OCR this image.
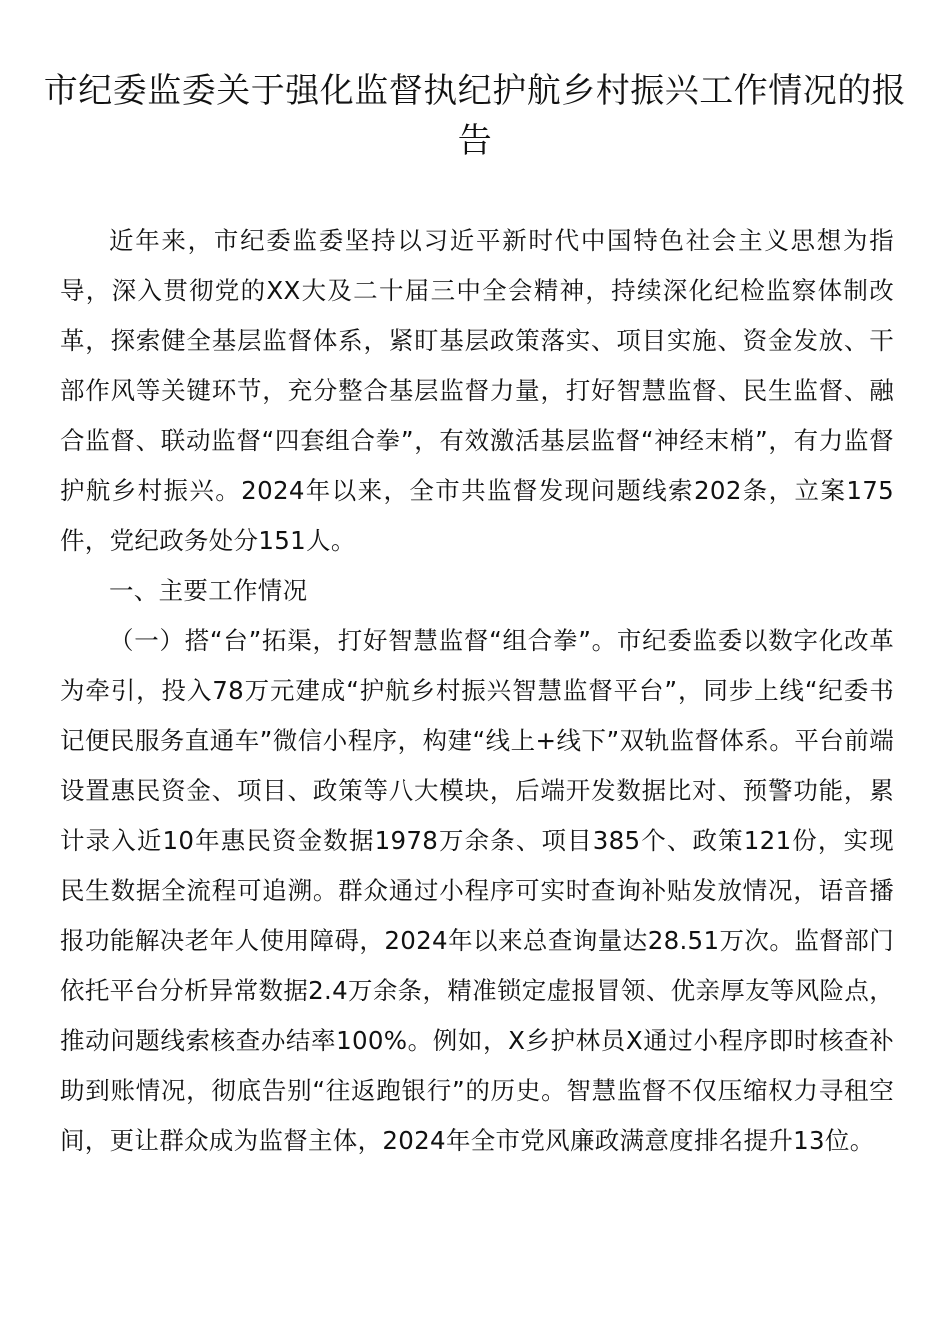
市纪委监委关于强化监督执纪护航乡村振兴工作情况的报告

近年来，市纪委监委坚持以习近平新时代中国特色社会主义思想为指导，深入贯彻党的XX大及二十届三中全会精神，持续深化纪检监察体制改革，探索健全基层监督体系，紧盯基层政策落实、项目实施、资金发放、干部作风等关键环节，充分整合基层监督力量，打好智慧监督、民生监督、融合监督、联动监督“四套组合拳”，有效激活基层监督“神经末梢”，有力监督护航乡村振兴。2024年以来，全市共监督发现问题线索202条，立案175件，党纪政务处分151人。

一、主要工作情况

（一）搭“台”拓渠，打好智慧监督“组合拳”。市纪委监委以数字化改革为牵引，投入78万元建成“护航乡村振兴智慧监督平台”，同步上线“纪委书记便民服务直通车”微信小程序，构建“线上+线下”双轨监督体系。平台前端设置惠民资金、项目、政策等八大模块，后端开发数据比对、预警功能，累计录入近10年惠民资金数据1978万余条、项目385个、政策121份，实现民生数据全流程可追溯。群众通过小程序可实时查询补贴发放情况，语音播报功能解决老年人使用障碍，2024年以来总查询量达28.51万次。监督部门依托平台分析异常数据2.4万余条，精准锁定虚报冒领、优亲厚友等风险点，推动问题线索核查办结率100%。例如，X乡护林员X通过小程序即时核查补助到账情况，彻底告别“往返跑银行”的历史。智慧监督不仅压缩权力寻租空间，更让群众成为监督主体，2024年全市党风廉政满意度排名提升13位。
